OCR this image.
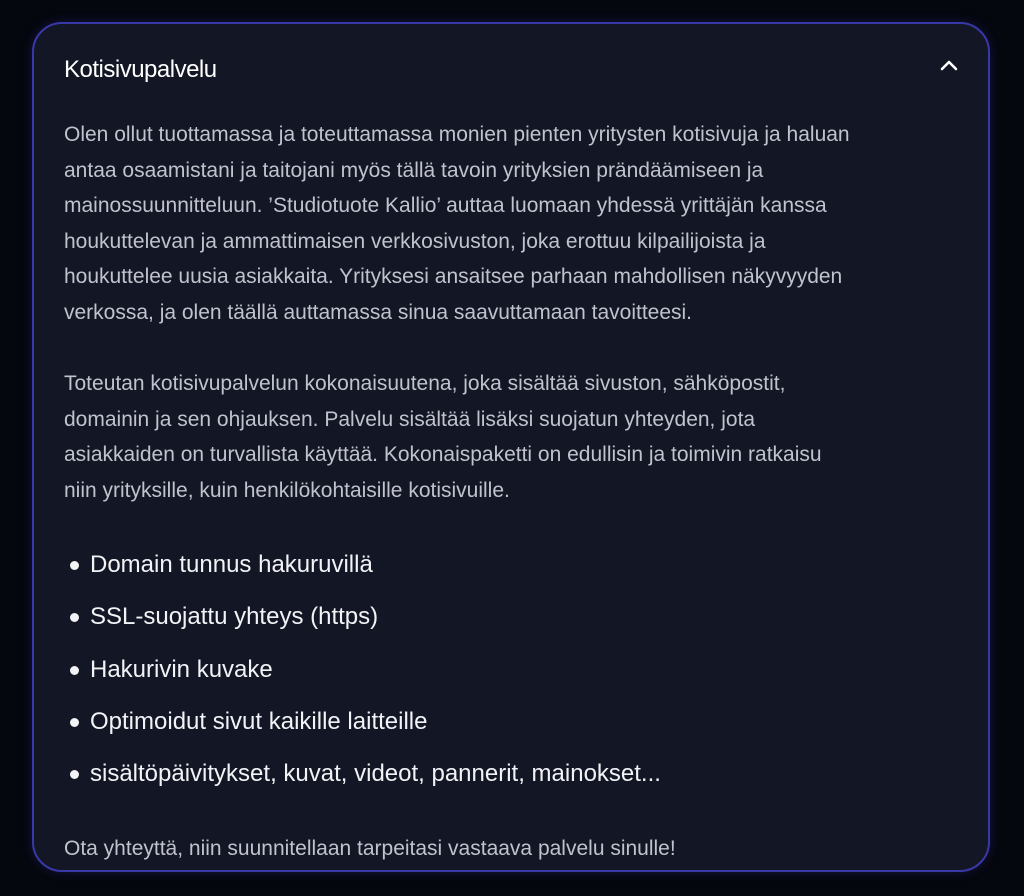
Kotisivupalvelu

Olen ollut tuottamassa ja toteuttamassa monien pienten yritysten kotisivuja ja haluan
antaa osaamistani ja taitojani myös tällä tavoin yrityksien prändäämiseen ja
mainossuunnitteluun. ’Studiotuote Kallio’ auttaa luomaan yhdessä yrittäjän kanssa
houkuttelevan ja ammattimaisen verkkosivuston, joka erottuu kilpailijoista ja
houkuttelee uusia asiakkaita. Yrityksesi ansaitsee parhaan mahdollisen näkyvyyden
verkossa, ja olen täällä auttamassa sinua saavuttamaan tavoitteesi.

Toteutan kotisivupalvelun kokonaisuutena, joka sisältää sivuston, sähköpostit,
domainin ja sen ohjauksen. Palvelu sisältää lisäksi suojatun yhteyden, jota
asiakkaiden on turvallista käyttää. Kokonaispaketti on edullisin ja toimivin ratkaisu
niin yrityksille, kuin henkilökohtaisille kotisivuille.

Domain tunnus hakuruvillä
SSL-suojattu yhteys (https)
Hakurivin kuvake
Optimoidut sivut kaikille laitteille
sisältöpäivitykset, kuvat, videot, pannerit, mainokset...

Ota yhteyttä, niin suunnitellaan tarpeitasi vastaava palvelu sinulle!
